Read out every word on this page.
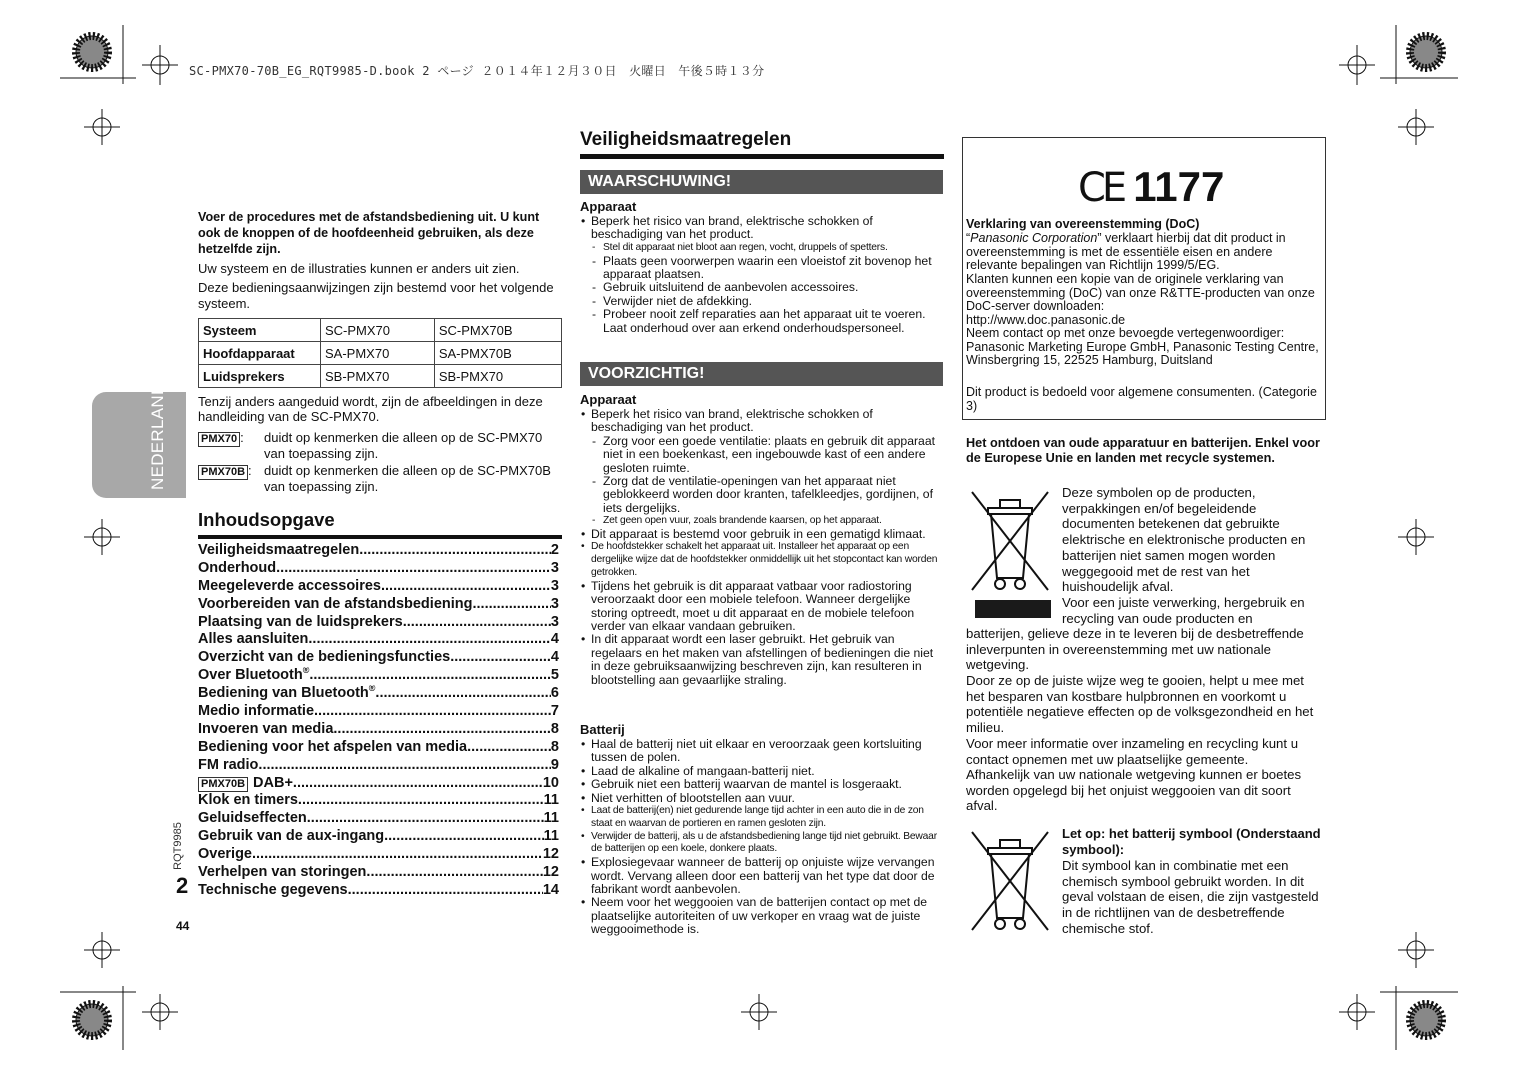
SC-PMX70-70B_EG_RQT9985-D.book 2 ページ ２０１４年１２月３０日　火曜日　午後５時１３分
Voer de procedures met de afstandsbediening uit. U kunt ook de knoppen of de hoofdeenheid gebruiken, als deze hetzelfde zijn.
Uw systeem en de illustraties kunnen er anders uit zien.
Deze bedieningsaanwijzingen zijn bestemd voor het volgende systeem.
Systeem	SC-PMX70	SC-PMX70B
Hoofdapparaat	SA-PMX70	SA-PMX70B
Luidsprekers	SB-PMX70	SB-PMX70
Tenzij anders aangeduid wordt, zijn de afbeeldingen in deze handleiding van de SC-PMX70.
PMX70 : duidt op kenmerken die alleen op de SC-PMX70 van toepassing zijn.
PMX70B : duidt op kenmerken die alleen op de SC-PMX70B van toepassing zijn.
NEDERLANDS
Inhoudsopgave
Veiligheidsmaatregelen .....	2
Onderhoud .....	3
Meegeleverde accessoires .....	3
Voorbereiden van de afstandsbediening .....	3
Plaatsing van de luidsprekers .....	3
Alles aansluiten .....	4
Overzicht van de bedieningsfuncties .....	4
Over Bluetooth® .....	5
Bediening van Bluetooth® .....	6
Medio informatie .....	7
Invoeren van media .....	8
Bediening voor het afspelen van media .....	8
FM radio .....	9
PMX70B DAB+ .....	10
Klok en timers .....	11
Geluidseffecten .....	11
Gebruik van de aux-ingang .....	11
Overige .....	12
Verhelpen van storingen .....	12
Technische gegevens .....	14
RQT9985
2
44
Veiligheidsmaatregelen
WAARSCHUWING!
Apparaat
• Beperk het risico van brand, elektrische schokken of beschadiging van het product.
- Stel dit apparaat niet bloot aan regen, vocht, druppels of spetters.
- Plaats geen voorwerpen waarin een vloeistof zit bovenop het apparaat plaatsen.
- Gebruik uitsluitend de aanbevolen accessoires.
- Verwijder niet de afdekking.
- Probeer nooit zelf reparaties aan het apparaat uit te voeren. Laat onderhoud over aan erkend onderhoudspersoneel.
VOORZICHTIG!
Apparaat
• Beperk het risico van brand, elektrische schokken of beschadiging van het product.
- Zorg voor een goede ventilatie: plaats en gebruik dit apparaat niet in een boekenkast, een ingebouwde kast of een andere gesloten ruimte.
- Zorg dat de ventilatie-openingen van het apparaat niet geblokkeerd worden door kranten, tafelkleedjes, gordijnen, of iets dergelijks.
- Zet geen open vuur, zoals brandende kaarsen, op het apparaat.
• Dit apparaat is bestemd voor gebruik in een gematigd klimaat.
• De hoofdstekker schakelt het apparaat uit. Installeer het apparaat op een dergelijke wijze dat de hoofdstekker onmiddellijk uit het stopcontact kan worden getrokken.
• Tijdens het gebruik is dit apparaat vatbaar voor radiostoring veroorzaakt door een mobiele telefoon. Wanneer dergelijke storing optreedt, moet u dit apparaat en de mobiele telefoon verder van elkaar vandaan gebruiken.
• In dit apparaat wordt een laser gebruikt. Het gebruik van regelaars en het maken van afstellingen of bedieningen die niet in deze gebruiksaanwijzing beschreven zijn, kan resulteren in blootstelling aan gevaarlijke straling.
Batterij
• Haal de batterij niet uit elkaar en veroorzaak geen kortsluiting tussen de polen.
• Laad de alkaline of mangaan-batterij niet.
• Gebruik niet een batterij waarvan de mantel is losgeraakt.
• Niet verhitten of blootstellen aan vuur.
• Laat de batterij(en) niet gedurende lange tijd achter in een auto die in de zon staat en waarvan de portieren en ramen gesloten zijn.
• Verwijder de batterij, als u de afstandsbediening lange tijd niet gebruikt. Bewaar de batterijen op een koele, donkere plaats.
• Explosiegevaar wanneer de batterij op onjuiste wijze vervangen wordt. Vervang alleen door een batterij van het type dat door de fabrikant wordt aanbevolen.
• Neem voor het weggooien van de batterijen contact op met de plaatselijke autoriteiten of uw verkoper en vraag wat de juiste weggooimethode is.
CE 1177
Verklaring van overeenstemming (DoC)
“Panasonic Corporation” verklaart hierbij dat dit product in overeenstemming is met de essentiële eisen en andere relevante bepalingen van Richtlijn 1999/5/EG.
Klanten kunnen een kopie van de originele verklaring van overeenstemming (DoC) van onze R&TTE-producten van onze DoC-server downloaden:
http://www.doc.panasonic.de
Neem contact op met onze bevoegde vertegenwoordiger: Panasonic Marketing Europe GmbH, Panasonic Testing Centre, Winsbergring 15, 22525 Hamburg, Duitsland
Dit product is bedoeld voor algemene consumenten. (Categorie 3)
Het ontdoen van oude apparatuur en batterijen. Enkel voor de Europese Unie en landen met recycle systemen.
Deze symbolen op de producten, verpakkingen en/of begeleidende documenten betekenen dat gebruikte elektrische en elektronische producten en batterijen niet samen mogen worden weggegooid met de rest van het huishoudelijk afval.
Voor een juiste verwerking, hergebruik en recycling van oude producten en
batterijen, gelieve deze in te leveren bij de desbetreffende inleverpunten in overeenstemming met uw nationale wetgeving.
Door ze op de juiste wijze weg te gooien, helpt u mee met het besparen van kostbare hulpbronnen en voorkomt u potentiële negatieve effecten op de volksgezondheid en het milieu.
Voor meer informatie over inzameling en recycling kunt u contact opnemen met uw plaatselijke gemeente.
Afhankelijk van uw nationale wetgeving kunnen er boetes worden opgelegd bij het onjuist weggooien van dit soort afval.
Let op: het batterij symbool (Onderstaand symbool):
Dit symbool kan in combinatie met een chemisch symbool gebruikt worden. In dit geval volstaan de eisen, die zijn vastgesteld in de richtlijnen van de desbetreffende chemische stof.
